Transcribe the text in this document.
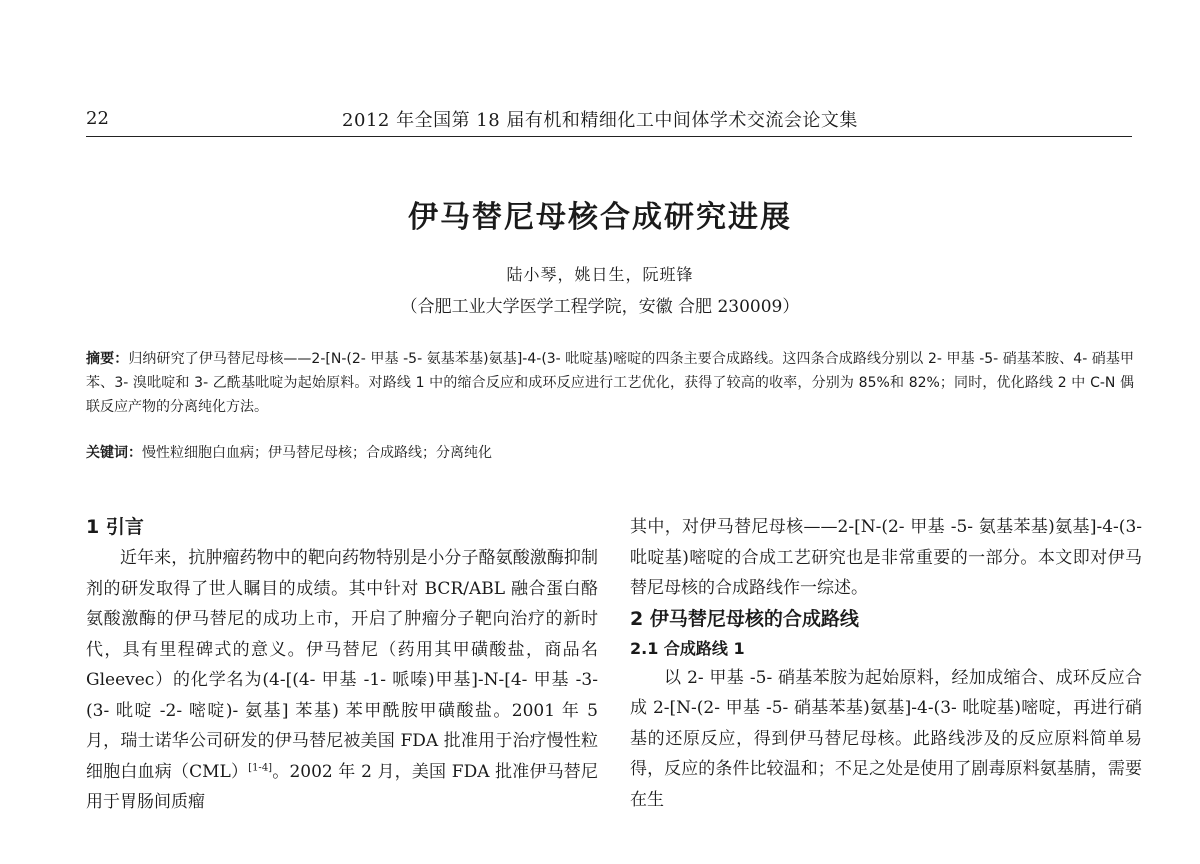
22	2012 年全国第 18 届有机和精细化工中间体学术交流会论文集
伊马替尼母核合成研究进展
陆小琴，姚日生，阮班锋
（合肥工业大学医学工程学院，安徽 合肥 230009）
摘要：归纳研究了伊马替尼母核——2-[N-(2- 甲基 -5- 氨基苯基)氨基]-4-(3- 吡啶基)嘧啶的四条主要合成路线。这四条合成路线分别以 2- 甲基 -5- 硝基苯胺、4- 硝基甲苯、3- 溴吡啶和 3- 乙酰基吡啶为起始原料。对路线 1 中的缩合反应和成环反应进行工艺优化，获得了较高的收率，分别为 85%和 82%；同时，优化路线 2 中 C-N 偶联反应产物的分离纯化方法。
关键词：慢性粒细胞白血病；伊马替尼母核；合成路线；分离纯化
1 引言

近年来，抗肿瘤药物中的靶向药物特别是小分子酪氨酸激酶抑制剂的研发取得了世人瞩目的成绩。其中针对 BCR/ABL 融合蛋白酪氨酸激酶的伊马替尼的成功上市，开启了肿瘤分子靶向治疗的新时代，具有里程碑式的意义。伊马替尼（药用其甲磺酸盐，商品名 Gleevec）的化学名为(4-[(4- 甲基 -1- 哌嗪)甲基]-N-[4- 甲基 -3-(3- 吡啶 -2- 嘧啶)- 氨基] 苯基) 苯甲酰胺甲磺酸盐。2001 年 5 月，瑞士诺华公司研发的伊马替尼被美国 FDA 批准用于治疗慢性粒细胞白血病（CML）[1-4]。2002 年 2 月，美国 FDA 批准伊马替尼用于胃肠间质瘤

其中，对伊马替尼母核——2-[N-(2- 甲基 -5- 氨基苯基)氨基]-4-(3- 吡啶基)嘧啶的合成工艺研究也是非常重要的一部分。本文即对伊马替尼母核的合成路线作一综述。

2 伊马替尼母核的合成路线
2.1 合成路线 1

以 2- 甲基 -5- 硝基苯胺为起始原料，经加成缩合、成环反应合成 2-[N-(2- 甲基 -5- 硝基苯基)氨基]-4-(3- 吡啶基)嘧啶，再进行硝基的还原反应，得到伊马替尼母核。此路线涉及的反应原料简单易得，反应的条件比较温和；不足之处是使用了剧毒原料氨基腈，需要在生
